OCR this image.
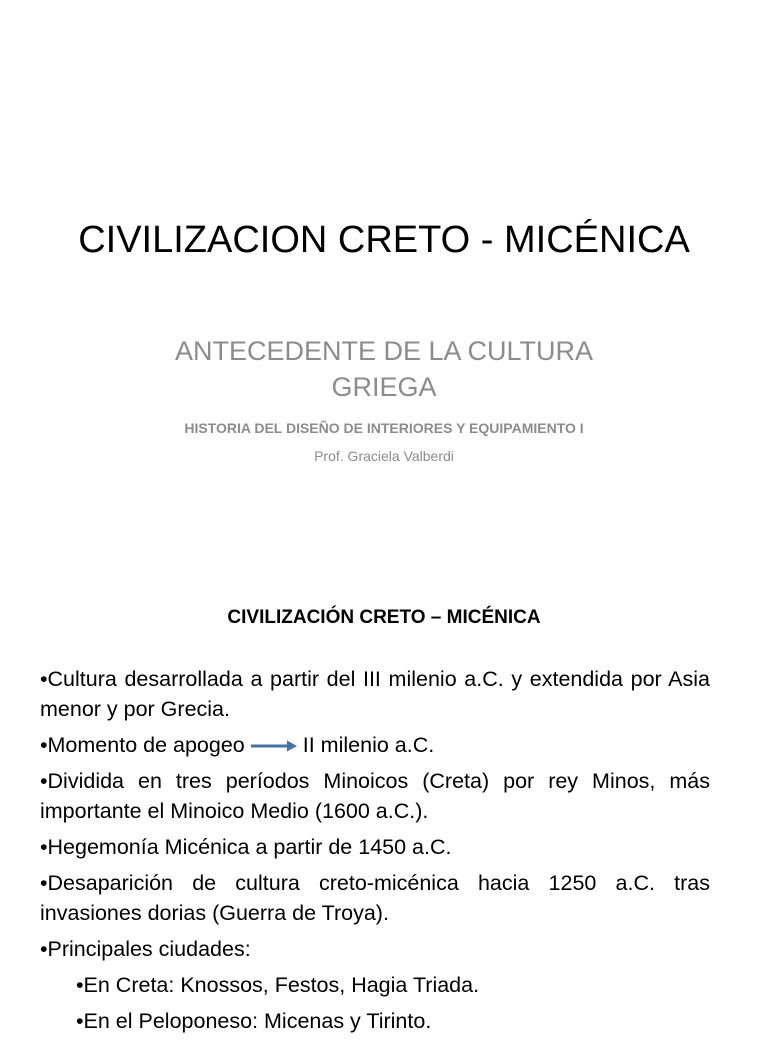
CIVILIZACION CRETO - MICÉNICA
ANTECEDENTE DE LA CULTURA
GRIEGA
HISTORIA DEL DISEÑO DE INTERIORES Y EQUIPAMIENTO I
Prof. Graciela Valberdi
CIVILIZACIÓN CRETO – MICÉNICA
•Cultura desarrollada a partir del III milenio a.C. y extendida por Asia menor y por Grecia.
•Momento de apogeo	II milenio a.C.
•Dividida en tres períodos Minoicos (Creta) por rey Minos, más importante el Minoico Medio (1600 a.C.).
•Hegemonía Micénica a partir de 1450 a.C.
•Desaparición de cultura creto-micénica hacia 1250 a.C. tras invasiones dorias (Guerra de Troya).
•Principales ciudades:
•En Creta: Knossos, Festos, Hagia Triada.
•En el Peloponeso: Micenas y Tirinto.
